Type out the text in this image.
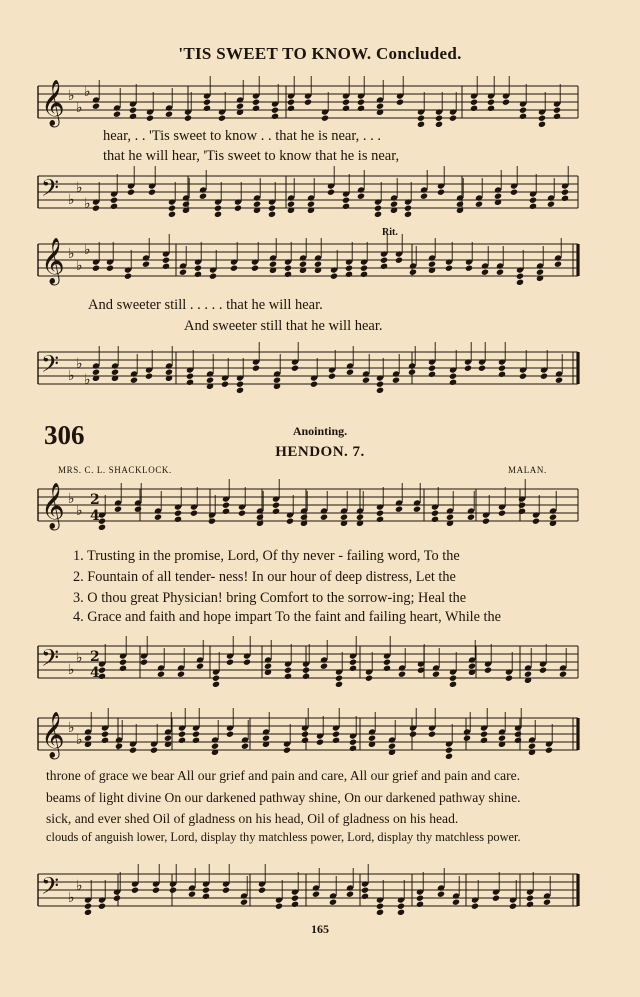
'TIS SWEET TO KNOW. Concluded.
𝄞 ♭
♭
♭
hear, . . 'Tis sweet to know . . that he is near, . . .
that he will hear, 'Tis sweet to know that he is near,
𝄢 ♭
♭
♭
Rit.
𝄞 ♭
♭
♭
And sweeter still . . . . . that he will hear.
And sweeter still that he will hear.
𝄢 ♭
♭
♭
306	Anointing.
HENDON. 7.
MRS. C. L. SHACKLOCK.	MALAN.
𝄞 ♭
♭
2
4
1. Trusting in the promise, Lord, Of thy never - failing word, To the
2. Fountain of all tender- ness! In our hour of deep distress, Let the
3. O thou great Physician! bring Comfort to the sorrow-ing; Heal the
4. Grace and faith and hope impart To the faint and failing heart, While the
𝄢 ♭
♭ 2
4
𝄞 ♭
♭
throne of grace we bear All our grief and pain and care, All our grief and pain and care.
beams of light divine On our darkened pathway shine, On our darkened pathway shine.
sick, and ever shed Oil of gladness on his head, Oil of gladness on his head.
clouds of anguish lower, Lord, display thy matchless power, Lord, display thy matchless power.
𝄢 ♭
♭
165
